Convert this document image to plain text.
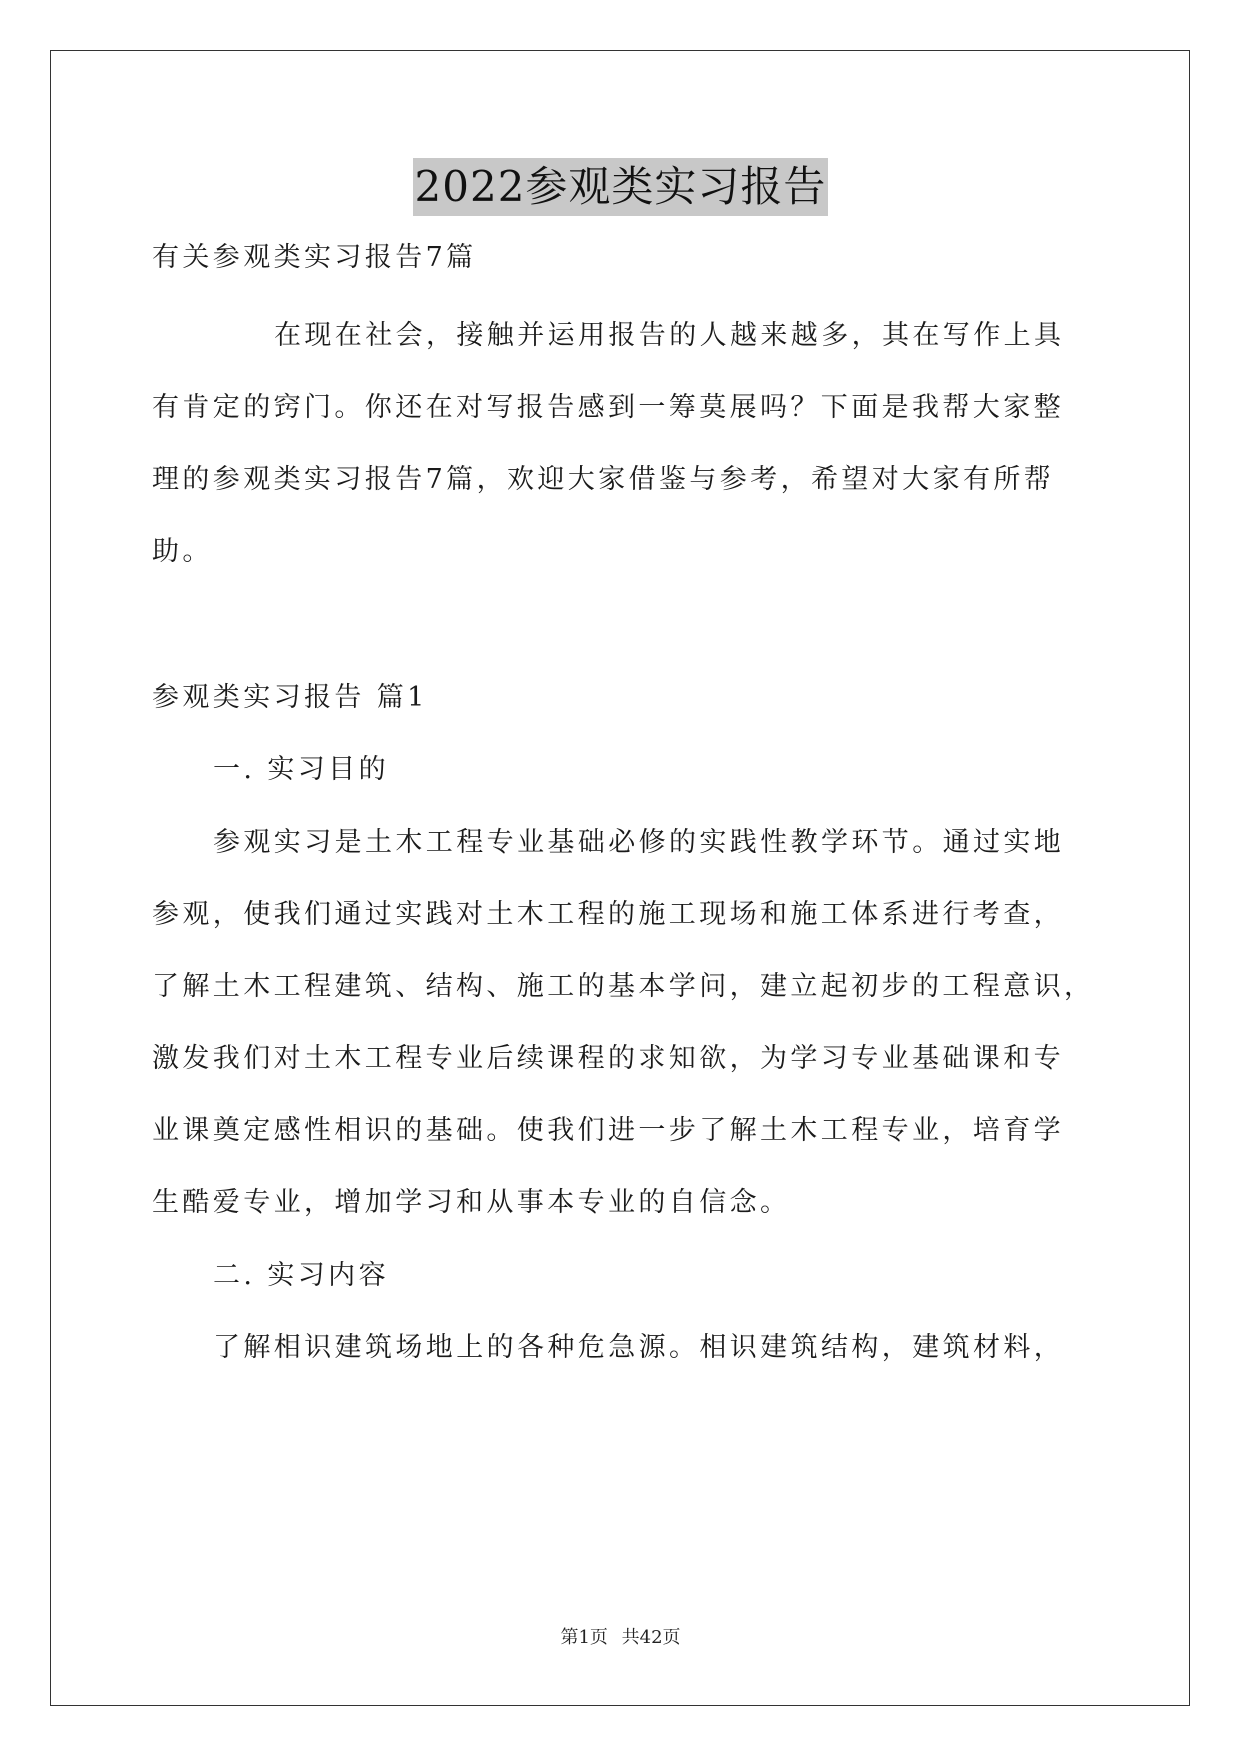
2022参观类实习报告
有关参观类实习报告7篇
在现在社会，接触并运用报告的人越来越多，其在写作上具
有肯定的窍门。你还在对写报告感到一筹莫展吗？下面是我帮大家整
理的参观类实习报告7篇，欢迎大家借鉴与参考，希望对大家有所帮
助。
参观类实习报告 篇1
一. 实习目的
参观实习是土木工程专业基础必修的实践性教学环节。通过实地
参观，使我们通过实践对土木工程的施工现场和施工体系进行考查，
了解土木工程建筑、结构、施工的基本学问，建立起初步的工程意识，
激发我们对土木工程专业后续课程的求知欲，为学习专业基础课和专
业课奠定感性相识的基础。使我们进一步了解土木工程专业，培育学
生酷爱专业，增加学习和从事本专业的自信念。
二. 实习内容
了解相识建筑场地上的各种危急源。相识建筑结构，建筑材料，
第1页 共42页
